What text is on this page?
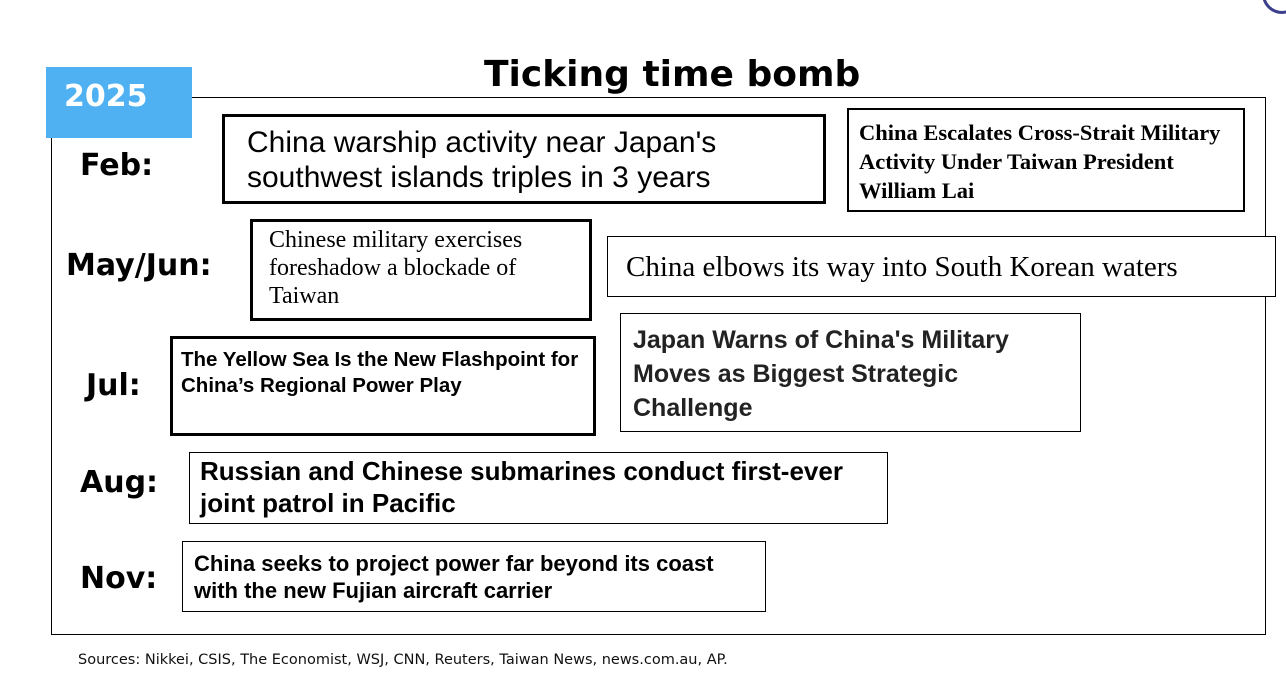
Ticking time bomb
2025
Feb:
May/Jun:
Jul:
Aug:
Nov:
China warship activity near Japan's southwest islands triples in 3 years
China Escalates Cross-Strait Military Activity Under Taiwan President William Lai
Chinese military exercises foreshadow a blockade of Taiwan
China elbows its way into South Korean waters
The Yellow Sea Is the New Flashpoint for China’s Regional Power Play
Japan Warns of China's Military Moves as Biggest Strategic Challenge
Russian and Chinese submarines conduct first-ever joint patrol in Pacific
China seeks to project power far beyond its coast with the new Fujian aircraft carrier
Sources: Nikkei, CSIS, The Economist, WSJ, CNN, Reuters, Taiwan News, news.com.au, AP.
